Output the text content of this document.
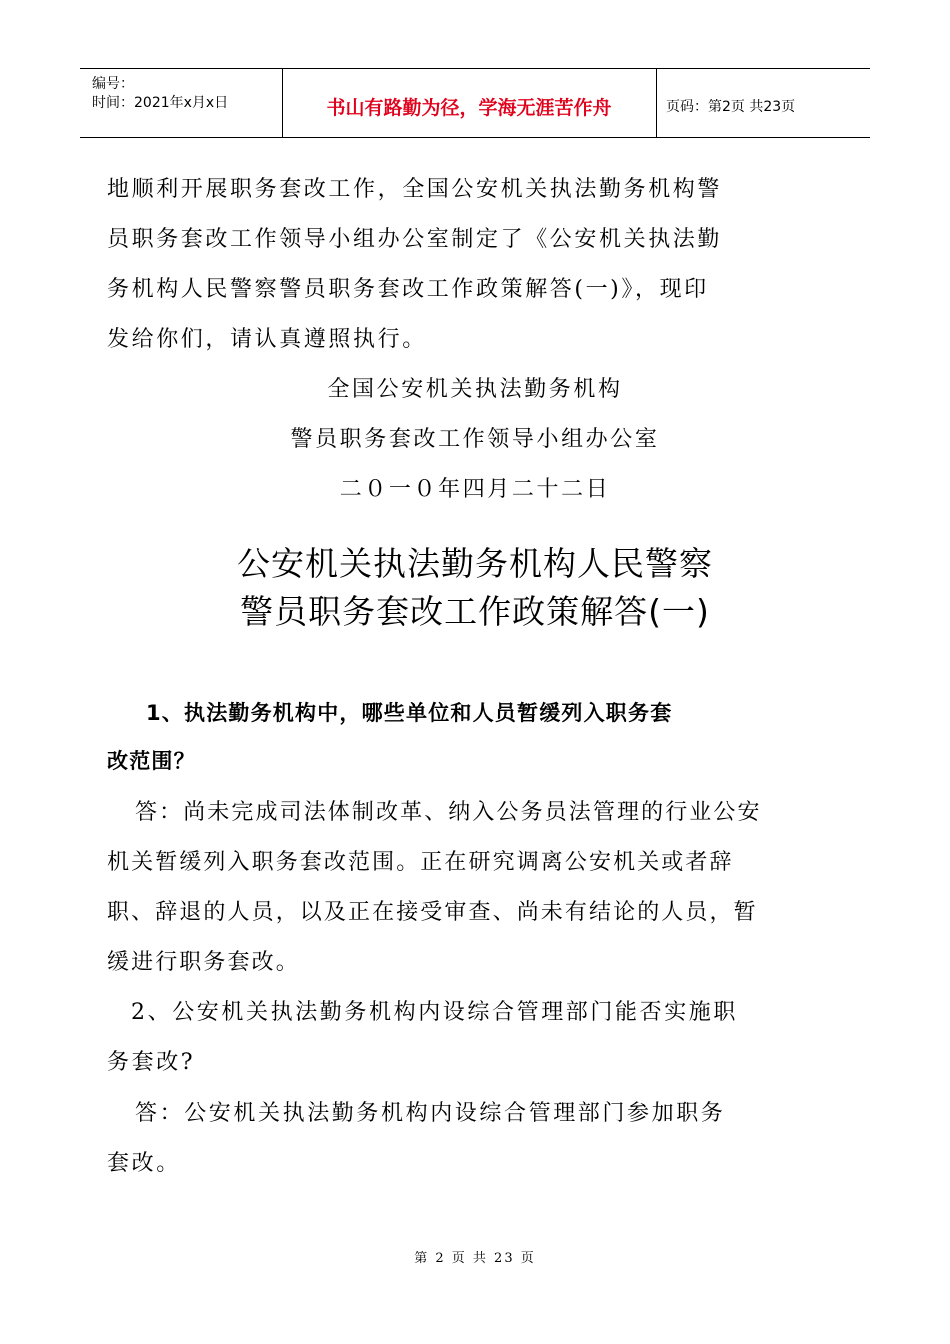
编号：
时间：2021年x月x日	书山有路勤为径，学海无涯苦作舟	页码：第2页 共23页
地顺利开展职务套改工作，全国公安机关执法勤务机构警
员职务套改工作领导小组办公室制定了《公安机关执法勤
务机构人民警察警员职务套改工作政策解答(一)》，现印
发给你们，请认真遵照执行。
全国公安机关执法勤务机构
警员职务套改工作领导小组办公室
二０一０年四月二十二日
公安机关执法勤务机构人民警察
警员职务套改工作政策解答(一)
1、执法勤务机构中，哪些单位和人员暂缓列入职务套
改范围？
答：尚未完成司法体制改革、纳入公务员法管理的行业公安
机关暂缓列入职务套改范围。正在研究调离公安机关或者辞
职、辞退的人员，以及正在接受审查、尚未有结论的人员，暂
缓进行职务套改。
2、公安机关执法勤务机构内设综合管理部门能否实施职
务套改?
答：公安机关执法勤务机构内设综合管理部门参加职务
套改。
第 2 页 共 23 页
